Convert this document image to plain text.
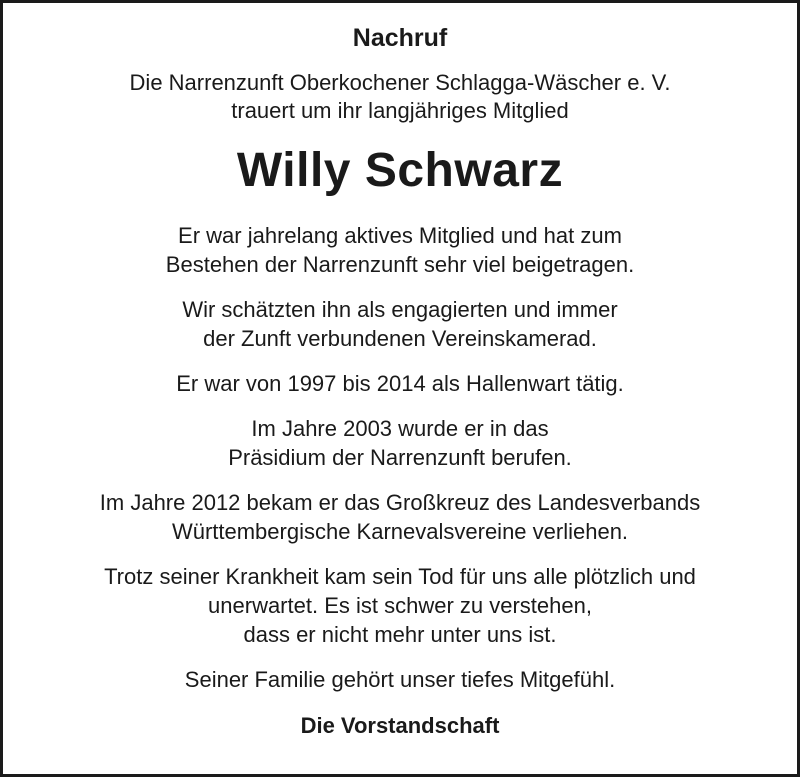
Nachruf

Die Narrenzunft Oberkochener Schlagga-Wäscher e. V.
trauert um ihr langjähriges Mitglied

Willy Schwarz

Er war jahrelang aktives Mitglied und hat zum
Bestehen der Narrenzunft sehr viel beigetragen.

Wir schätzten ihn als engagierten und immer
der Zunft verbundenen Vereinskamerad.

Er war von 1997 bis 2014 als Hallenwart tätig.

Im Jahre 2003 wurde er in das
Präsidium der Narrenzunft berufen.

Im Jahre 2012 bekam er das Großkreuz des Landesverbands
Württembergische Karnevalsvereine verliehen.

Trotz seiner Krankheit kam sein Tod für uns alle plötzlich und
unerwartet. Es ist schwer zu verstehen,
dass er nicht mehr unter uns ist.

Seiner Familie gehört unser tiefes Mitgefühl.

Die Vorstandschaft
